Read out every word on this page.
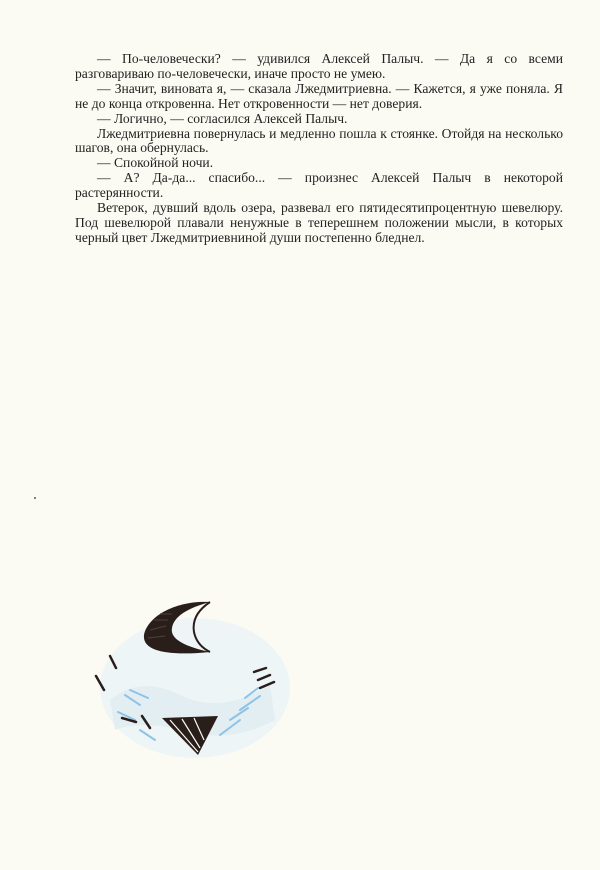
— По-человечески? — удивился Алексей Палыч. — Да я со всеми разговариваю по-человечески, иначе просто не умею.

— Значит, виновата я, — сказала Лжедмитриевна. — Кажется, я уже поняла. Я не до конца откровенна. Нет откровенности — нет доверия.

— Логично, — согласился Алексей Палыч.

Лжедмитриевна повернулась и медленно пошла к стоянке. Отойдя на несколько шагов, она обернулась.

— Спокойной ночи.

— А? Да-да... спасибо... — произнес Алексей Палыч в некоторой растерянности.

Ветерок, дувший вдоль озера, развевал его пятидесятипроцентную шевелюру. Под шевелюрой плавали ненужные в теперешнем положении мысли, в которых черный цвет Лжедмитриевниной души постепенно бледнел.
